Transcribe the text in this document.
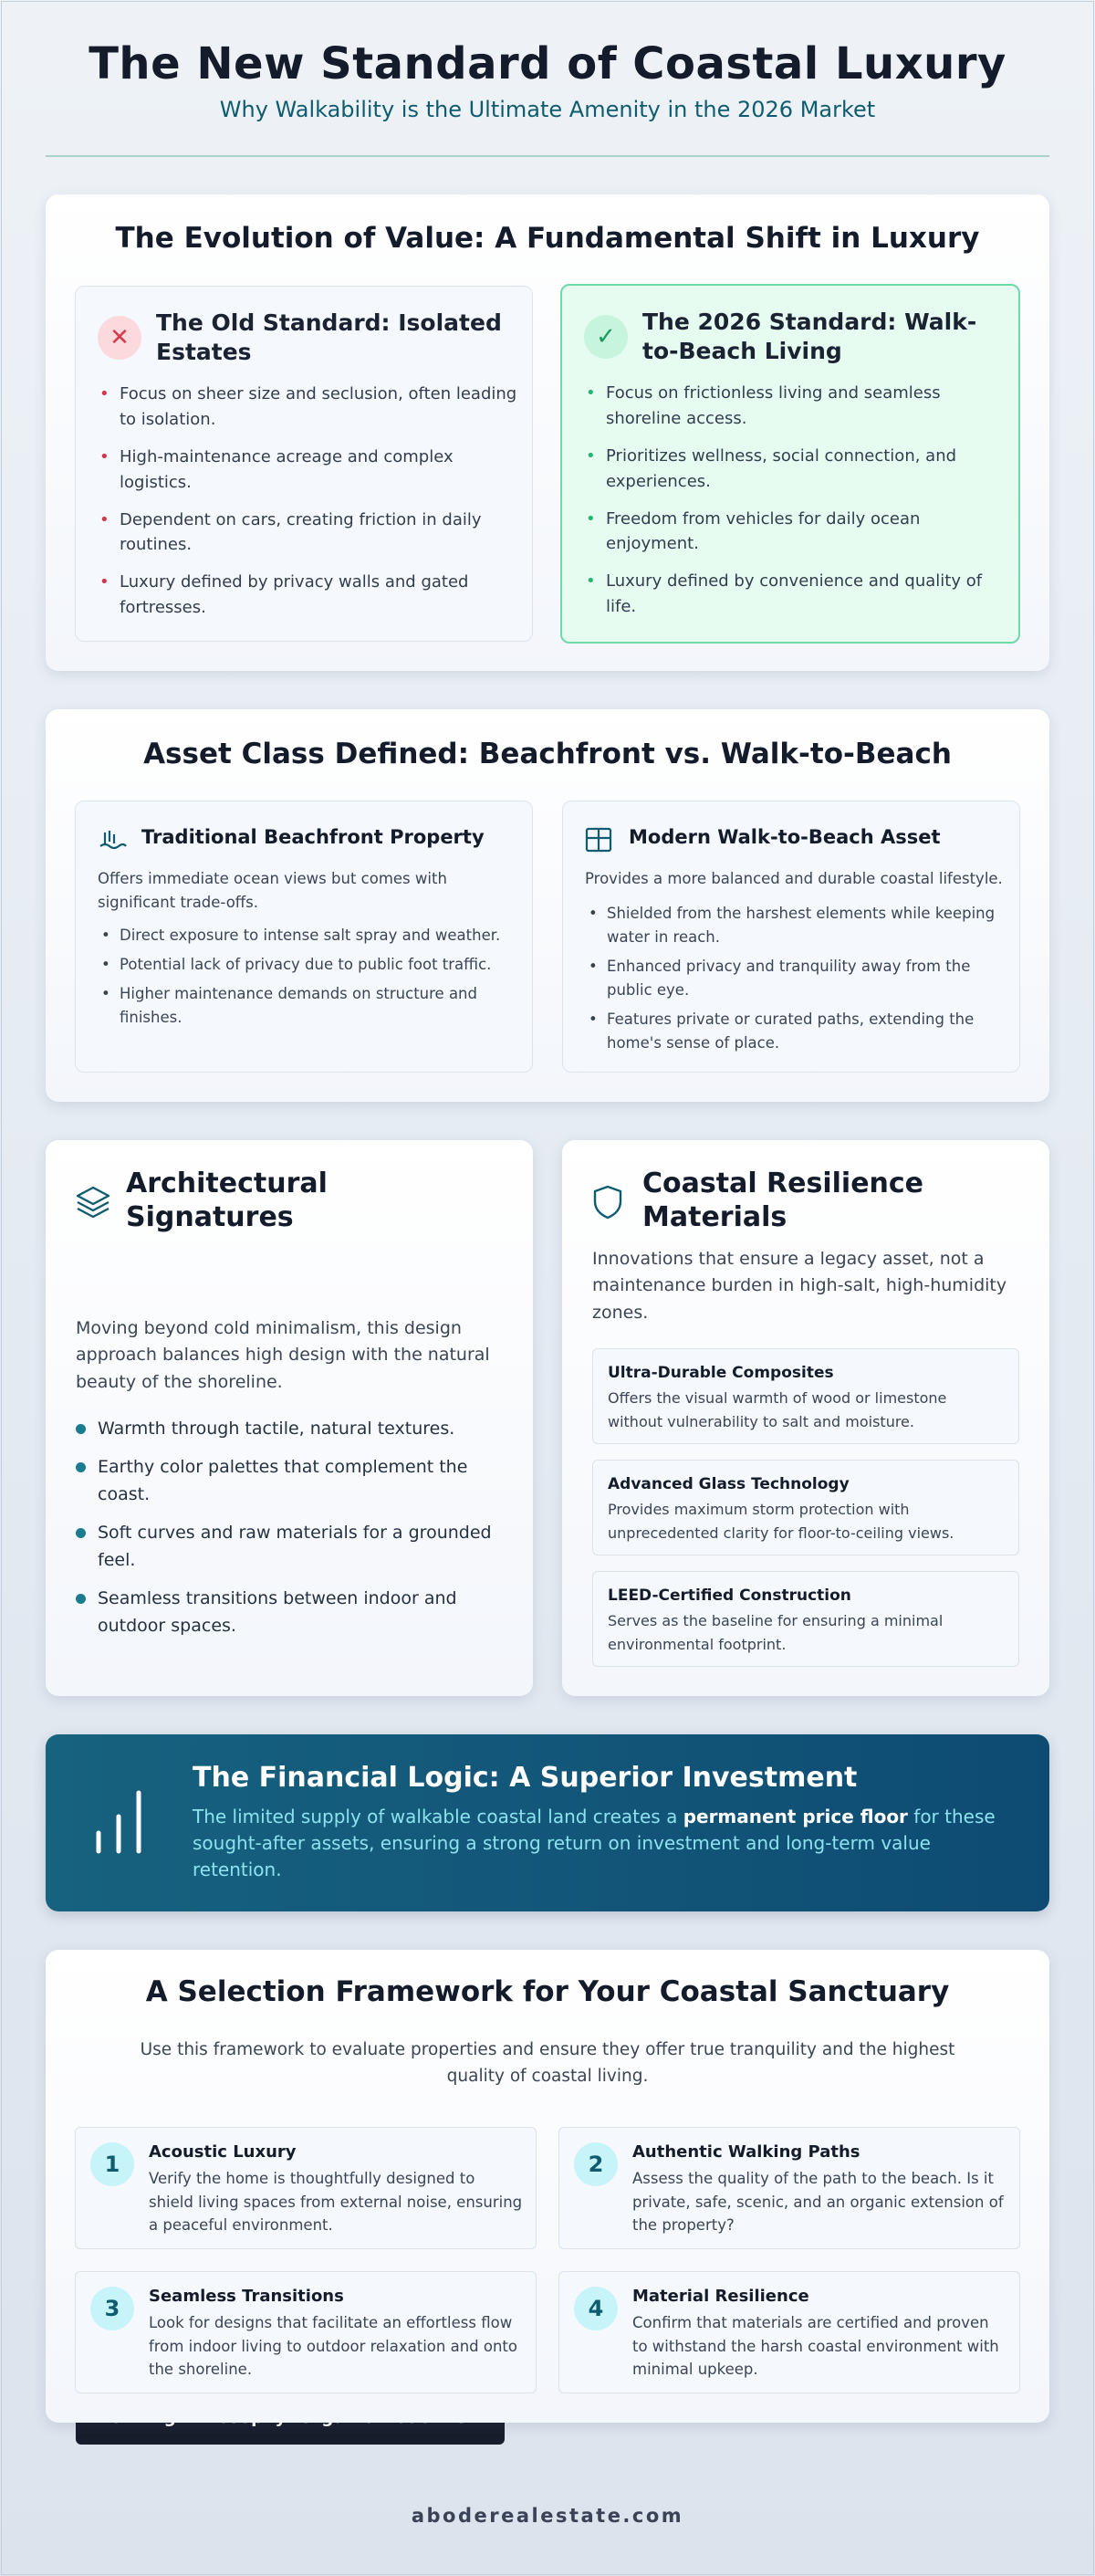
The New Standard of Coastal Luxury
Why Walkability is the Ultimate Amenity in the 2026 Market
The Evolution of Value: A Fundamental Shift in Luxury
✕
The Old Standard: Isolated Estates
• Focus on sheer size and seclusion, often leading to isolation.
• High-maintenance acreage and complex logistics.
• Dependent on cars, creating friction in daily routines.
• Luxury defined by privacy walls and gated fortresses.
✓
The 2026 Standard: Walk-to-Beach Living
• Focus on frictionless living and seamless shoreline access.
• Prioritizes wellness, social connection, and experiences.
• Freedom from vehicles for daily ocean enjoyment.
• Luxury defined by convenience and quality of life.
Asset Class Defined: Beachfront vs. Walk-to-Beach
Traditional Beachfront Property
Offers immediate ocean views but comes with significant trade-offs.
• Direct exposure to intense salt spray and weather.
• Potential lack of privacy due to public foot traffic.
• Higher maintenance demands on structure and finishes.
Modern Walk-to-Beach Asset
Provides a more balanced and durable coastal lifestyle.
• Shielded from the harshest elements while keeping water in reach.
• Enhanced privacy and tranquility away from the public eye.
• Features private or curated paths, extending the home's sense of place.
Architectural Signatures
Moving beyond cold minimalism, this design approach balances high design with the natural beauty of the shoreline.
Warmth through tactile, natural textures.
Earthy color palettes that complement the coast.
Soft curves and raw materials for a grounded feel.
Seamless transitions between indoor and outdoor spaces.
Coastal Resilience Materials
Innovations that ensure a legacy asset, not a maintenance burden in high-salt, high-humidity zones.
Ultra-Durable Composites
Offers the visual warmth of wood or limestone without vulnerability to salt and moisture.
Advanced Glass Technology
Provides maximum storm protection with unprecedented clarity for floor-to-ceiling views.
LEED-Certified Construction
Serves as the baseline for ensuring a minimal environmental footprint.
The Financial Logic: A Superior Investment
The limited supply of walkable coastal land creates a permanent price floor for these sought-after assets, ensuring a strong return on investment and long-term value retention.
A Selection Framework for Your Coastal Sanctuary
Use this framework to evaluate properties and ensure they offer true tranquility and the highest quality of coastal living.
1	Acoustic Luxury
Verify the home is thoughtfully designed to shield living spaces from external noise, ensuring a peaceful environment.
2	Authentic Walking Paths
Assess the quality of the path to the beach. Is it private, safe, scenic, and an organic extension of the property?
3	Seamless Transitions
Look for designs that facilitate an effortless flow from indoor living to outdoor relaxation and onto the shoreline.
4	Material Resilience
Confirm that materials are certified and proven to withstand the harsh coastal environment with minimal upkeep.
aboderealestate.com
